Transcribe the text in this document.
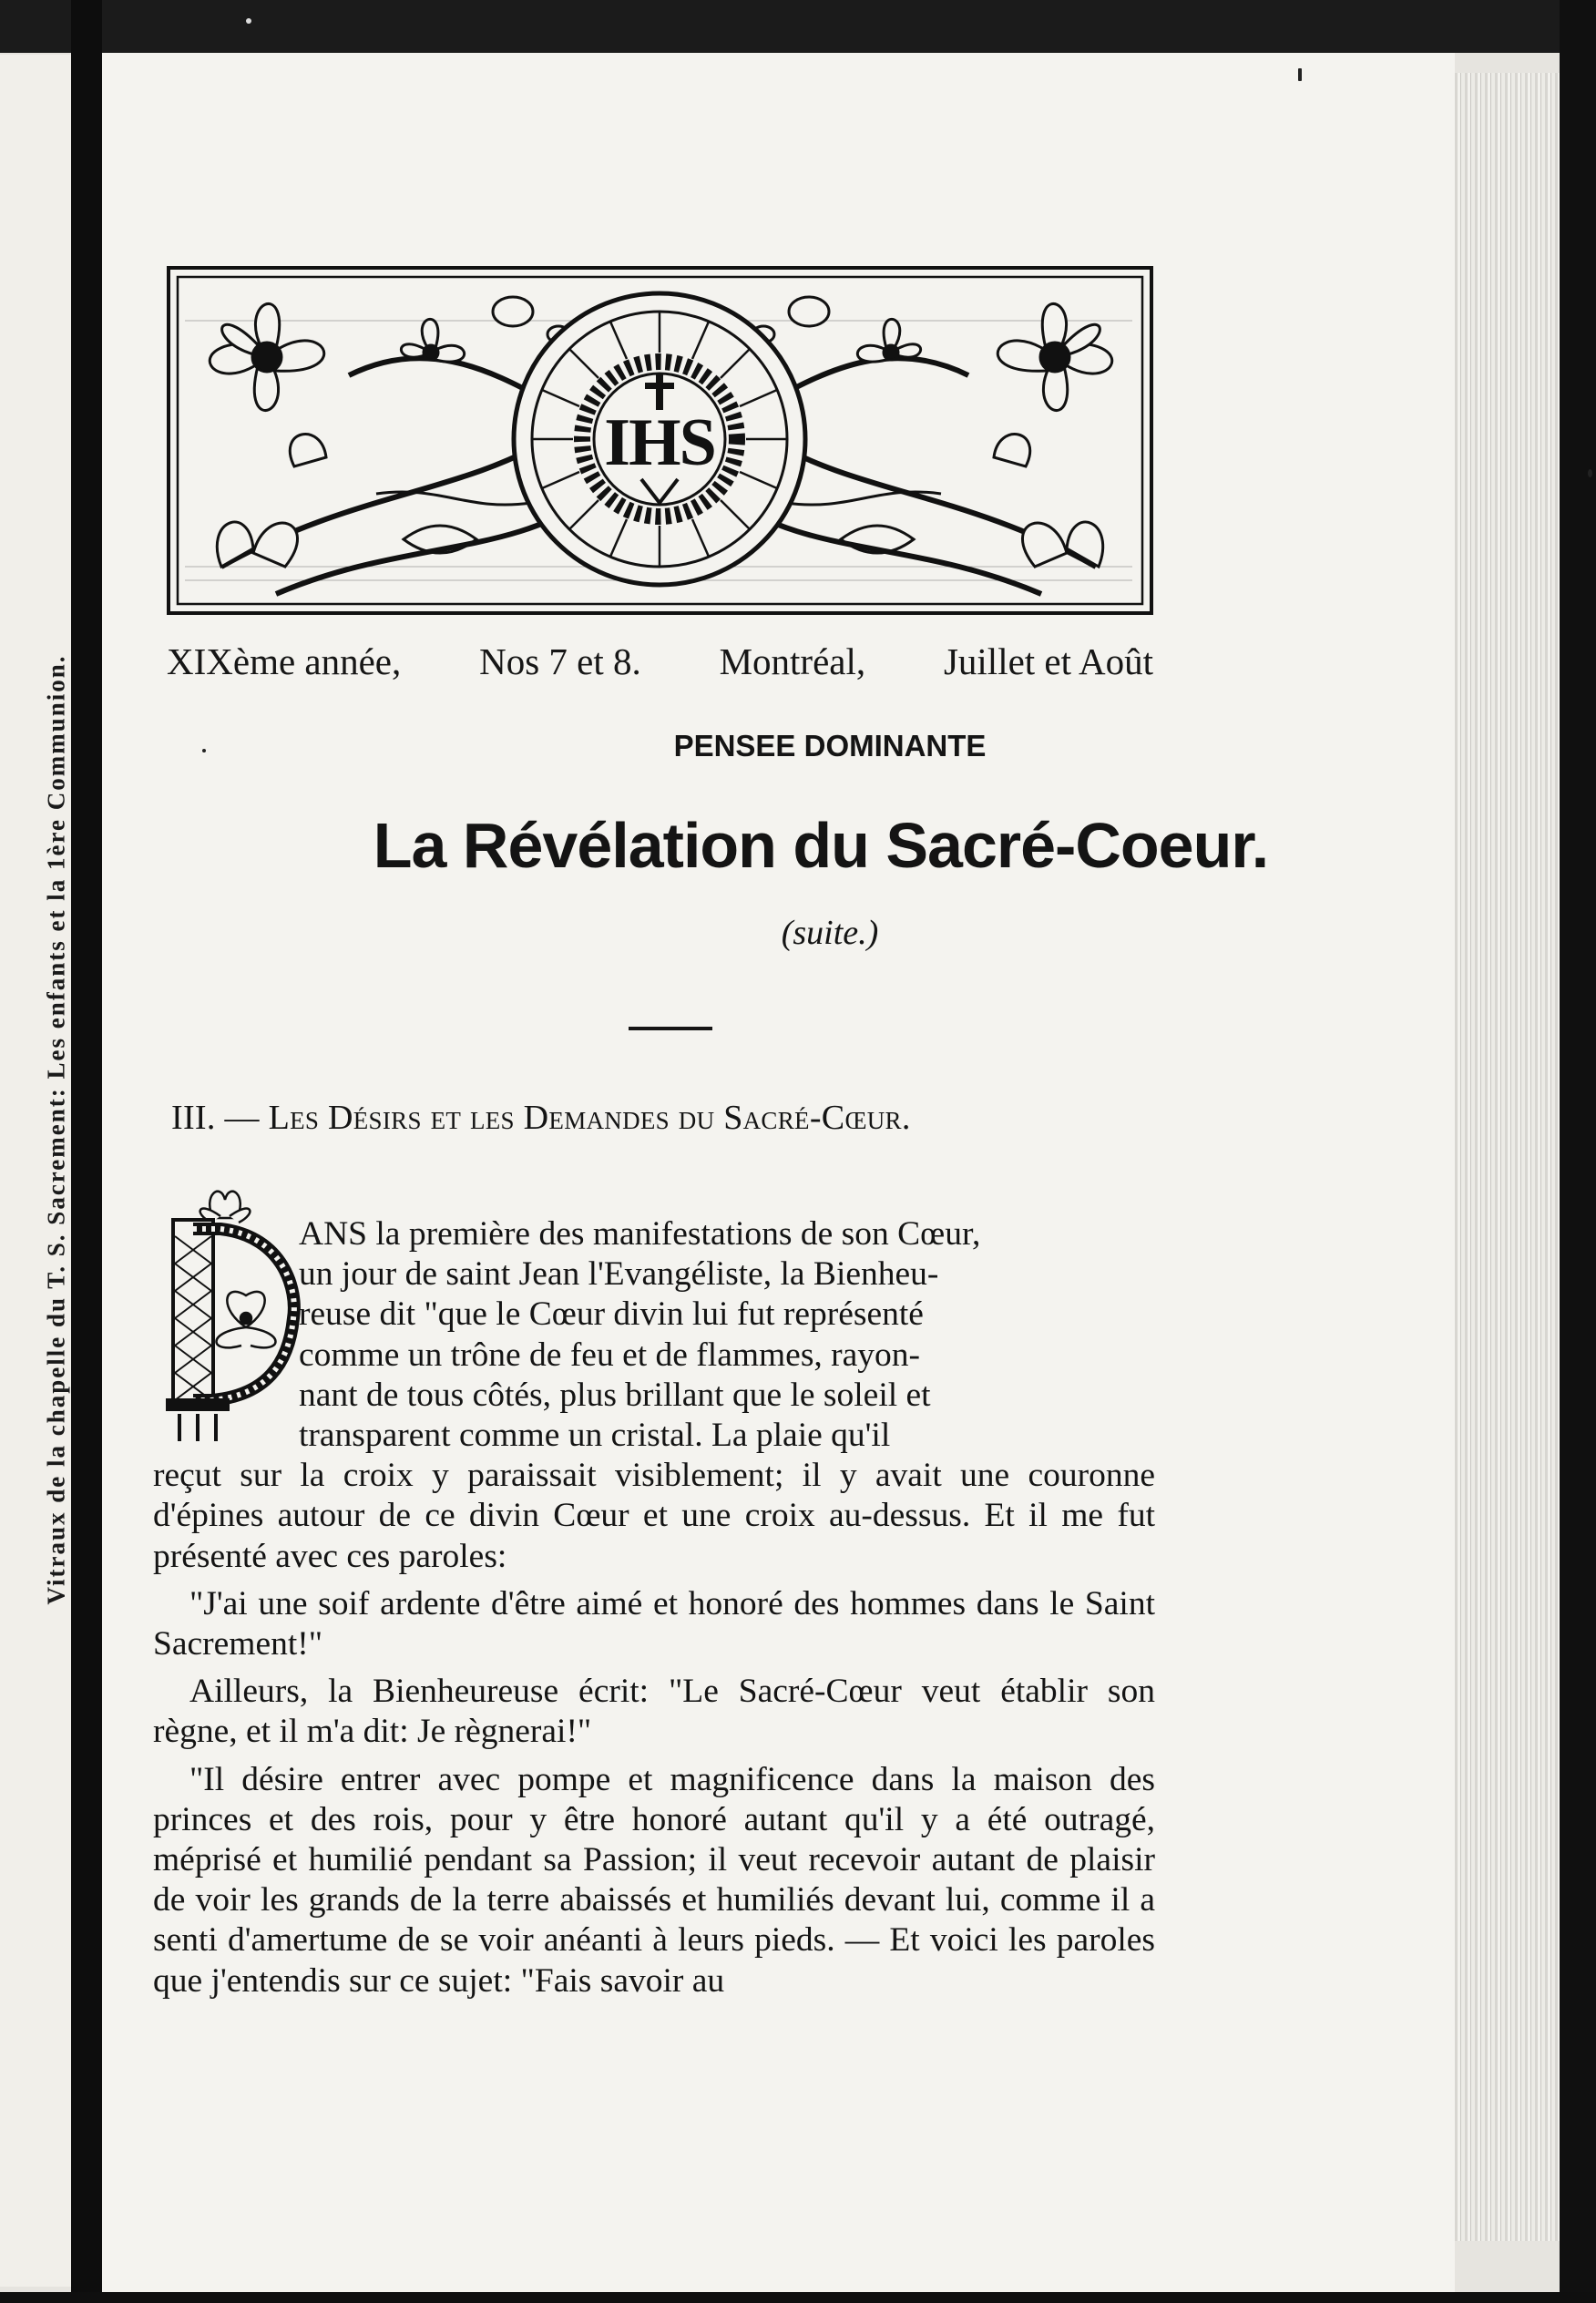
Vitraux de la chapelle du T. S. Sacrement: Les enfants et la 1ère Communion.
IHS
XIXème année, Nos 7 et 8. Montréal, Juillet et Août
PENSEE DOMINANTE
La Révélation du Sacré-Coeur.
(suite.)
III. — Les Désirs et les Demandes du Sacré-Cœur.
D

ANS la première des manifestations de son Cœur,

un jour de saint Jean l'Evangéliste, la Bienheu-

reuse dit "que le Cœur divin lui fut représenté

comme un trône de feu et de flammes, rayon-

nant de tous côtés, plus brillant que le soleil et

transparent comme un cristal. La plaie qu'il

reçut sur la croix y paraissait visiblement; il y avait une couronne d'épines autour de ce divin Cœur et une croix au-dessus. Et il me fut présenté avec ces paroles:

"J'ai une soif ardente d'être aimé et honoré des hommes dans le Saint Sacrement!"

Ailleurs, la Bienheureuse écrit: "Le Sacré-Cœur veut établir son règne, et il m'a dit: Je règnerai!"

"Il désire entrer avec pompe et magnificence dans la maison des princes et des rois, pour y être honoré autant qu'il y a été outragé, méprisé et humilié pendant sa Passion; il veut recevoir autant de plaisir de voir les grands de la terre abaissés et humiliés devant lui, comme il a senti d'amertume de se voir anéanti à leurs pieds. — Et voici les paroles que j'entendis sur ce sujet: "Fais savoir au
